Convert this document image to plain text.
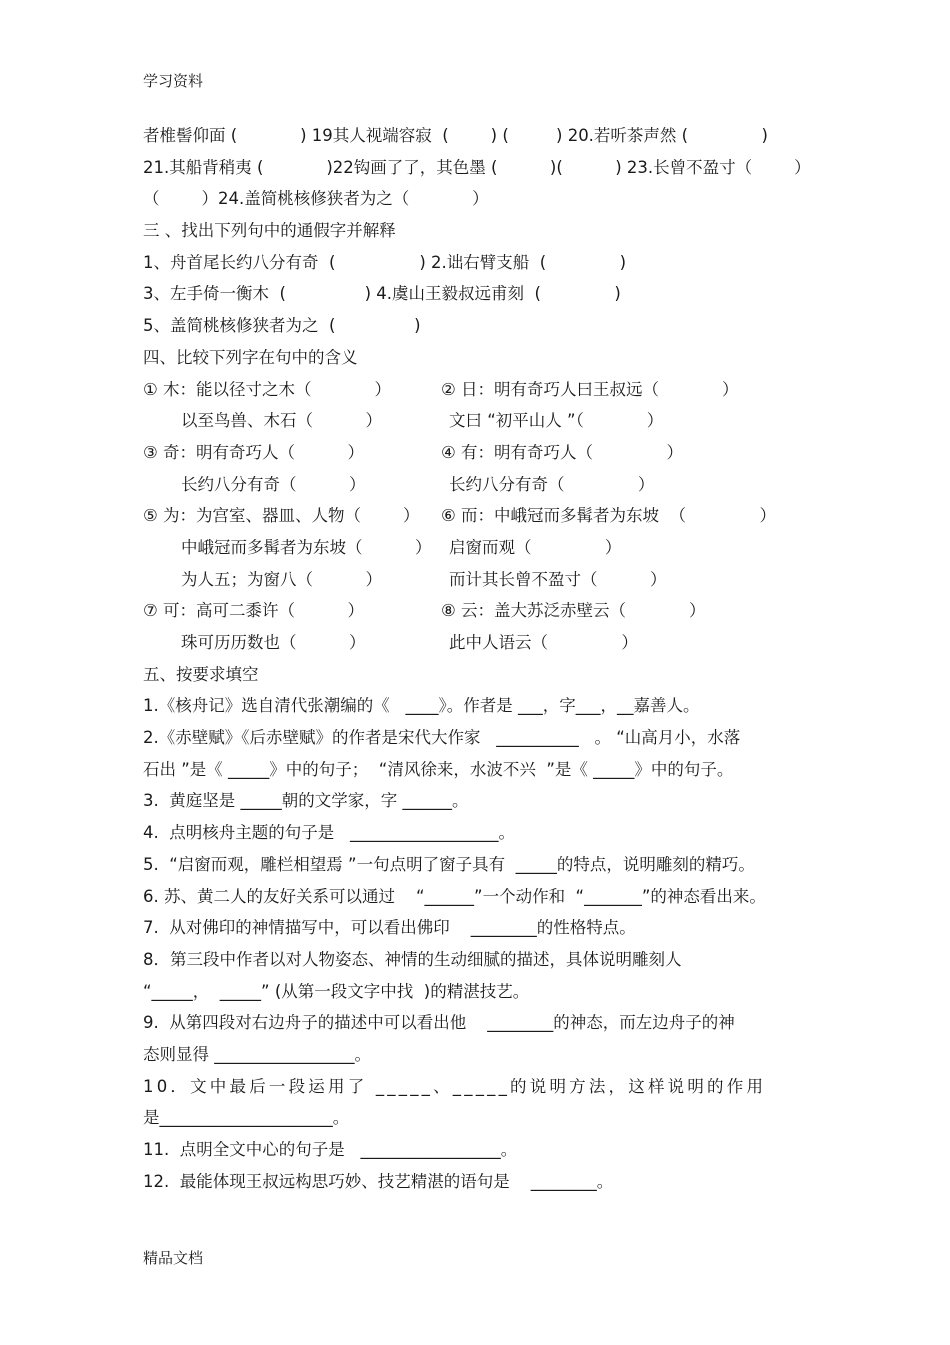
学习资料
者椎髻仰面 (            ) 19其人视端容寂  (        ) (         ) 20.若听茶声然 (              )
21.其船背稍夷 (            )22钩画了了，其色墨 (          )(          ) 23.长曾不盈寸（        ）
（        ）24.盖简桃核修狭者为之（            ）
三 、找出下列句中的通假字并解释
1、舟首尾长约八分有奇  (                ) 2.诎右臂支船  (              )
3、左手倚一衡木  (               ) 4.虞山王毅叔远甫刻  (              )
5、盖简桃核修狭者为之  (               )
四、比较下列字在句中的含义
① 木：能以径寸之木（            ）	② 日：明有奇巧人曰王叔远（            ）
以至鸟兽、木石（          ）	文曰 “初平山人 ”（            ）
③ 奇：明有奇巧人（          ）	④ 有：明有奇巧人（              ）
长约八分有奇（          ）	长约八分有奇（              ）
⑤ 为：为宫室、器皿、人物（        ）	⑥ 而：中峨冠而多髯者为东坡  （              ）
中峨冠而多髯者为东坡（          ）	启窗而观（              ）
为人五；为窗八（          ）	而计其长曾不盈寸（          ）
⑦ 可：高可二黍许（          ）	⑧ 云：盖大苏泛赤壁云（            ）
珠可历历数也（          ）	此中人语云（              ）
五、按要求填空
1.《核舟记》选自清代张潮编的《   ____》。作者是 ___，字___，__嘉善人。
2.《赤壁赋》《后赤壁赋》的作者是宋代大作家   __________   。 “山高月小，水落
石出 ”是《 _____》中的句子；  “清风徐来，水波不兴  ”是《 _____》中的句子。
3.  黄庭坚是 _____朝的文学家，字 ______。
4.  点明核舟主题的句子是   __________________。
5.  “启窗而观，雕栏相望焉 ”一句点明了窗子具有  _____的特点，说明雕刻的精巧。
6. 苏、黄二人的友好关系可以通过    “______”一个动作和  “_______”的神态看出来。
7.  从对佛印的神情描写中，可以看出佛印    ________的性格特点。
8．第三段中作者以对人物姿态、神情的生动细腻的描述，具体说明雕刻人
“_____，  _____” (从第一段文字中找  )的精湛技艺。
9.  从第四段对右边舟子的描述中可以看出他    ________的神态，而左边舟子的神
态则显得 _________________。
10．文中最后一段运用了 _____、_____的说明方法，这样说明的作用
是_____________________。
11.  点明全文中心的句子是   _________________。
12.  最能体现王叔远构思巧妙、技艺精湛的语句是    ________。
精品文档
